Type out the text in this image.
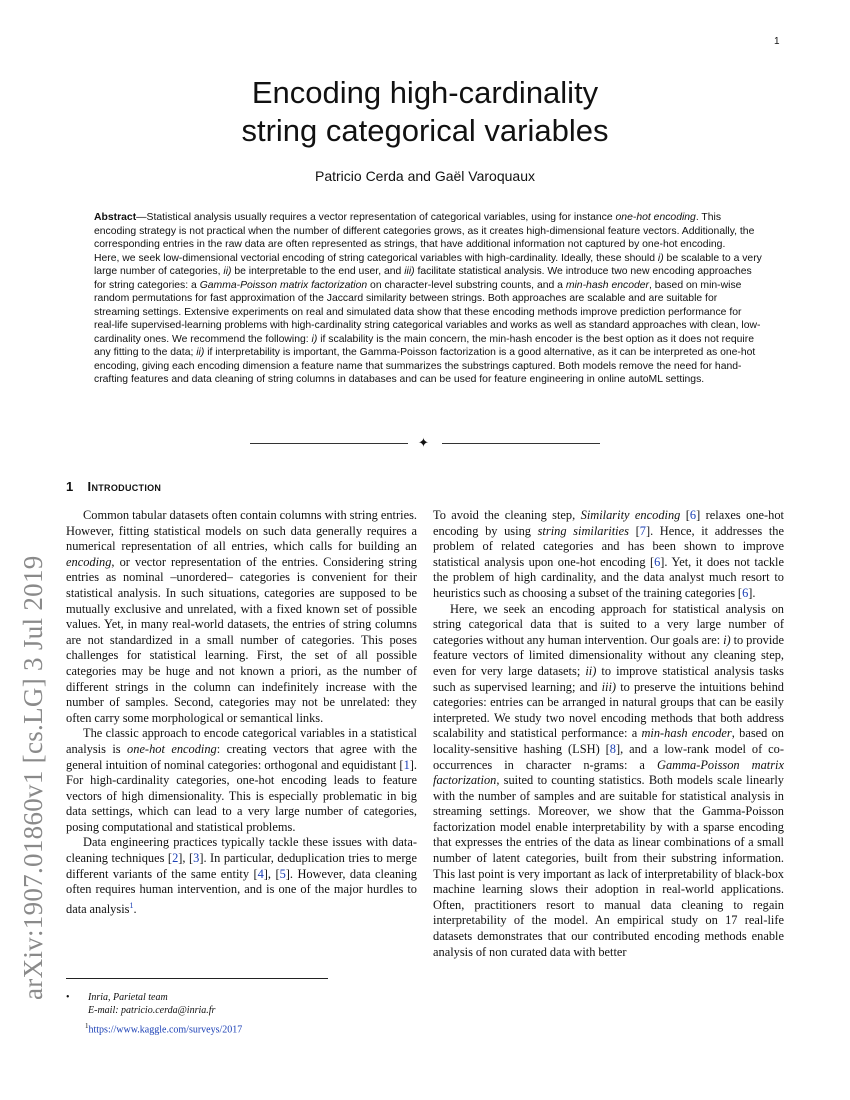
1
arXiv:1907.01860v1 [cs.LG] 3 Jul 2019
Encoding high-cardinality
string categorical variables
Patricio Cerda and Gaël Varoquaux

Abstract—Statistical analysis usually requires a vector representation of categorical variables, using for instance one-hot encoding. This encoding strategy is not practical when the number of different categories grows, as it creates high-dimensional feature vectors. Additionally, the corresponding entries in the raw data are often represented as strings, that have additional information not captured by one-hot encoding.

Here, we seek low-dimensional vectorial encoding of string categorical variables with high-cardinality. Ideally, these should i) be scalable to a very large number of categories, ii) be interpretable to the end user, and iii) facilitate statistical analysis. We introduce two new encoding approaches for string categories: a Gamma-Poisson matrix factorization on character-level substring counts, and a min-hash encoder, based on min-wise random permutations for fast approximation of the Jaccard similarity between strings. Both approaches are scalable and are suitable for streaming settings. Extensive experiments on real and simulated data show that these encoding methods improve prediction performance for real-life supervised-learning problems with high-cardinality string categorical variables and works as well as standard approaches with clean, low-cardinality ones. We recommend the following: i) if scalability is the main concern, the min-hash encoder is the best option as it does not require any fitting to the data; ii) if interpretability is important, the Gamma-Poisson factorization is a good alternative, as it can be interpreted as one-hot encoding, giving each encoding dimension a feature name that summarizes the substrings captured. Both models remove the need for hand-crafting features and data cleaning of string columns in databases and can be used for feature engineering in online autoML settings.

✦
1 Introduction

Common tabular datasets often contain columns with string entries. However, fitting statistical models on such data generally requires a numerical representation of all entries, which calls for building an encoding, or vector representation of the entries. Considering string entries as nominal –unordered– categories is convenient for their statistical analysis. In such situations, categories are supposed to be mutually exclusive and unrelated, with a fixed known set of possible values. Yet, in many real-world datasets, the entries of string columns are not standardized in a small number of categories. This poses challenges for statistical learning. First, the set of all possible categories may be huge and not known a priori, as the number of different strings in the column can indefinitely increase with the number of samples. Second, categories may not be unrelated: they often carry some morphological or semantical links.

The classic approach to encode categorical variables in a statistical analysis is one-hot encoding: creating vectors that agree with the general intuition of nominal categories: orthogonal and equidistant [1]. For high-cardinality categories, one-hot encoding leads to feature vectors of high dimensionality. This is especially problematic in big data settings, which can lead to a very large number of categories, posing computational and statistical problems.

Data engineering practices typically tackle these issues with data-cleaning techniques [2], [3]. In particular, deduplication tries to merge different variants of the same entity [4], [5]. However, data cleaning often requires human intervention, and is one of the major hurdles to data analysis$^1$.

To avoid the cleaning step, Similarity encoding [6] relaxes one-hot encoding by using string similarities [7]. Hence, it addresses the problem of related categories and has been shown to improve statistical analysis upon one-hot encoding [6]. Yet, it does not tackle the problem of high cardinality, and the data analyst much resort to heuristics such as choosing a subset of the training categories [6].

Here, we seek an encoding approach for statistical analysis on string categorical data that is suited to a very large number of categories without any human intervention. Our goals are: i) to provide feature vectors of limited dimensionality without any cleaning step, even for very large datasets; ii) to improve statistical analysis tasks such as supervised learning; and iii) to preserve the intuitions behind categories: entries can be arranged in natural groups that can be easily interpreted. We study two novel encoding methods that both address scalability and statistical performance: a min-hash encoder, based on locality-sensitive hashing (LSH) [8], and a low-rank model of co-occurrences in character n-grams: a Gamma-Poisson matrix factorization, suited to counting statistics. Both models scale linearly with the number of samples and are suitable for statistical analysis in streaming settings. Moreover, we show that the Gamma-Poisson factorization model enable interpretability by with a sparse encoding that expresses the entries of the data as linear combinations of a small number of latent categories, built from their substring information. This last point is very important as lack of interpretability of black-box machine learning slows their adoption in real-world applications. Often, practitioners resort to manual data cleaning to regain interpretability of the model. An empirical study on 17 real-life datasets demonstrates that our contributed encoding methods enable analysis of non curated data with better

• Inria, Parietal team
E-mail: patricio.cerda@inria.fr
$^1$https://www.kaggle.com/surveys/2017
